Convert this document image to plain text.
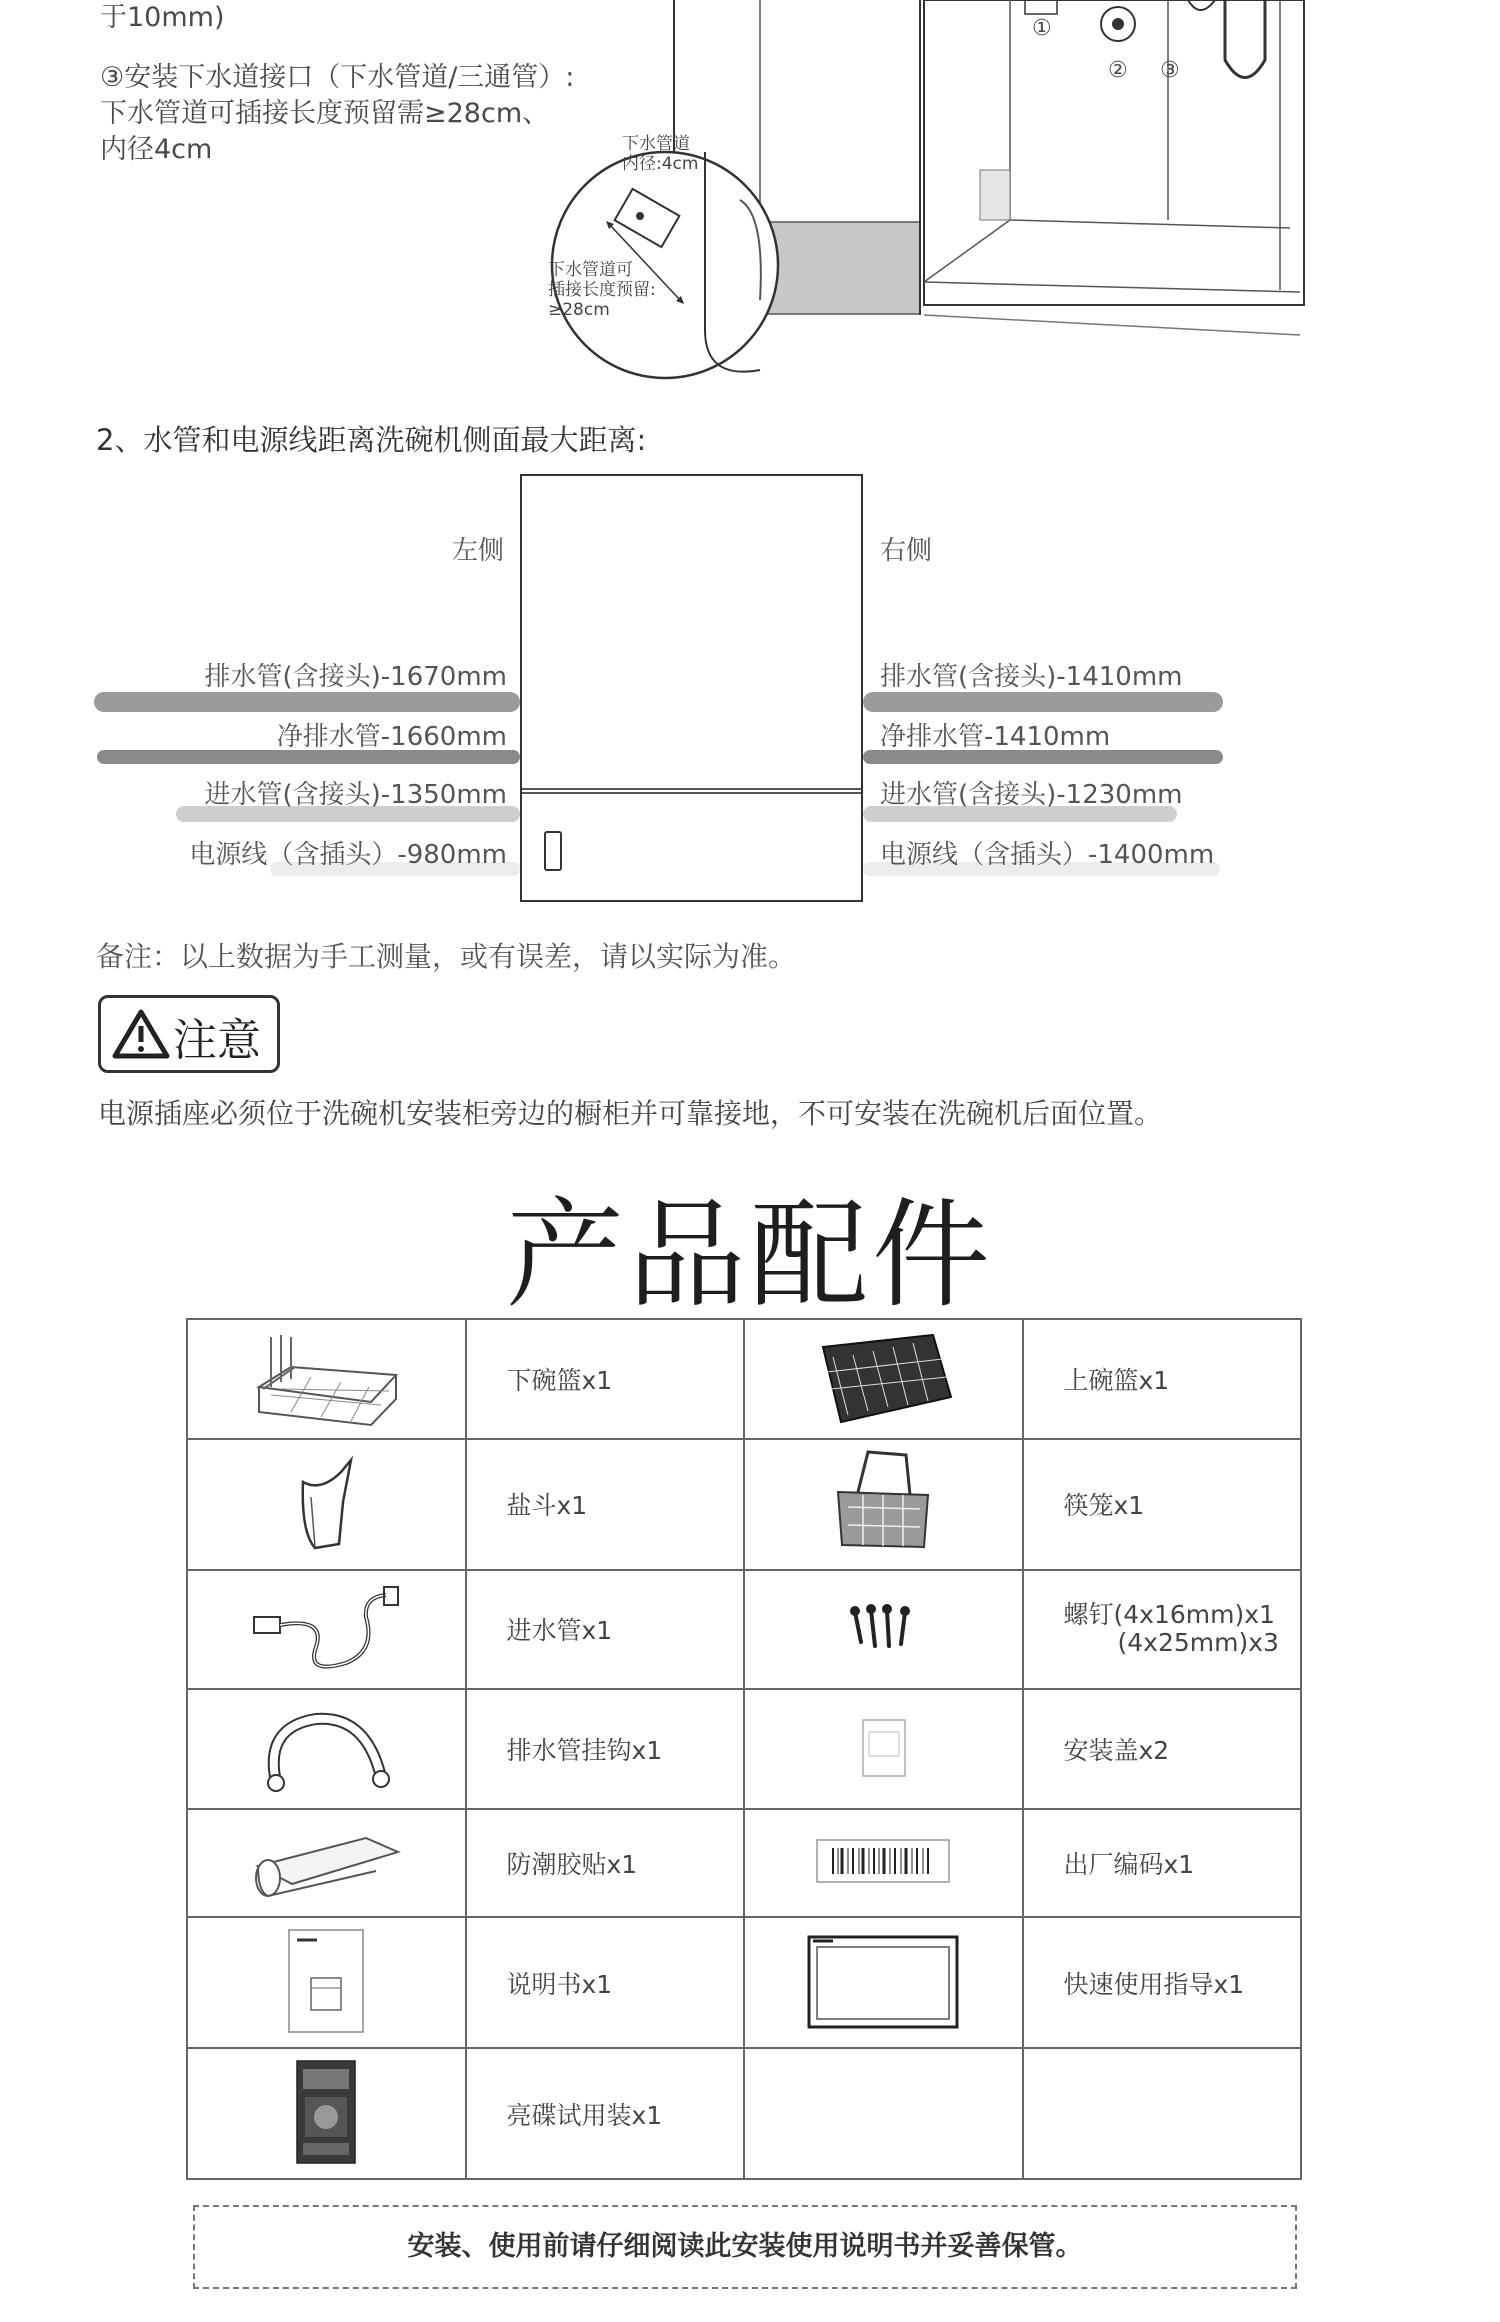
于10mm)
③安装下水道接口（下水管道/三通管）:
下水管道可插接长度预留需≥28cm、
内径4cm	下水管道
内径:4cm
下水管道可
插接长度预留:
≥28cm
①
② ③
2、水管和电源线距离洗碗机侧面最大距离:
左侧	右侧
排水管(含接头)-1670mm
净排水管-1660mm
进水管(含接头)-1350mm
电源线（含插头）-980mm
排水管(含接头)-1410mm
净排水管-1410mm
进水管(含接头)-1230mm
电源线（含插头）-1400mm
备注：以上数据为手工测量，或有误差，请以实际为准。
注意
电源插座必须位于洗碗机安装柜旁边的橱柜并可靠接地，不可安装在洗碗机后面位置。
产品配件
	下碗篮x1		上碗篮x1
	盐斗x1		筷笼x1
	进水管x1		螺钉(4x16mm)x1
(4x25mm)x3

	排水管挂钩x1		安装盖x2
	防潮胶贴x1		出厂编码x1
	说明书x1		快速使用指导x1
	亮碟试用装x1		
安装、使用前请仔细阅读此安装使用说明书并妥善保管。
